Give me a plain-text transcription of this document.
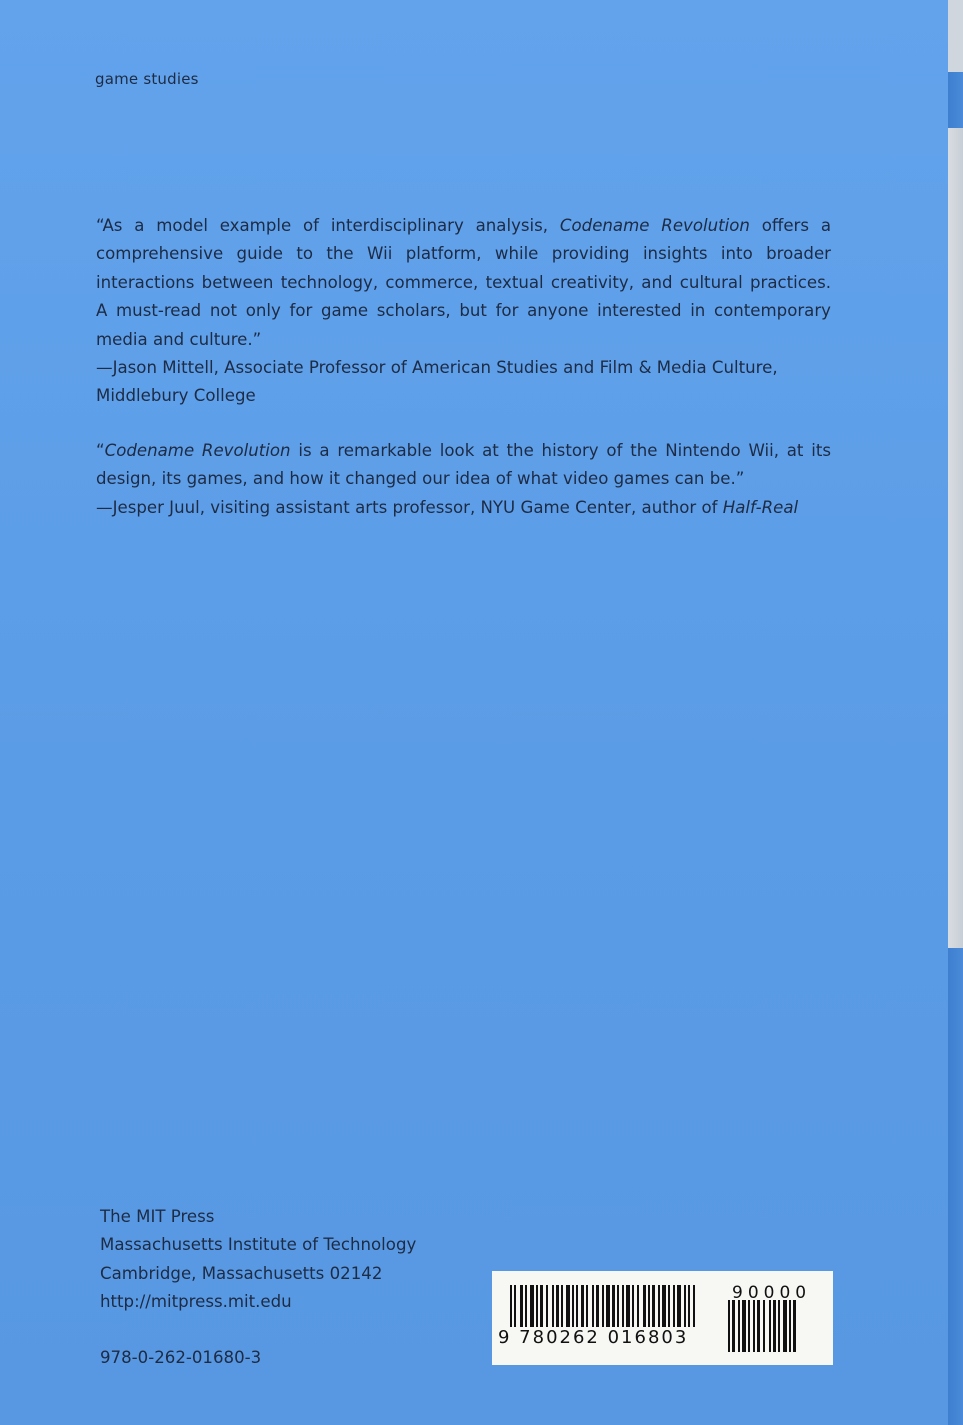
game studies

“As a model example of interdisciplinary analysis, Codename Revolution offers a comprehensive guide to the Wii platform, while providing insights into broader interactions between technology, commerce, textual creativity, and cultural practices. A must-read not only for game scholars, but for anyone interested in contemporary media and culture.”
—Jason Mittell, Associate Professor of American Studies and Film & Media Culture, Middlebury College

“Codename Revolution is a remarkable look at the history of the Nintendo Wii, at its design, its games, and how it changed our idea of what video games can be.”
—Jesper Juul, visiting assistant arts professor, NYU Game Center, author of Half-Real

The MIT Press
Massachusetts Institute of Technology
Cambridge, Massachusetts 02142
http://mitpress.mit.edu
978-0-262-01680-3
9 780262 016803
90000
